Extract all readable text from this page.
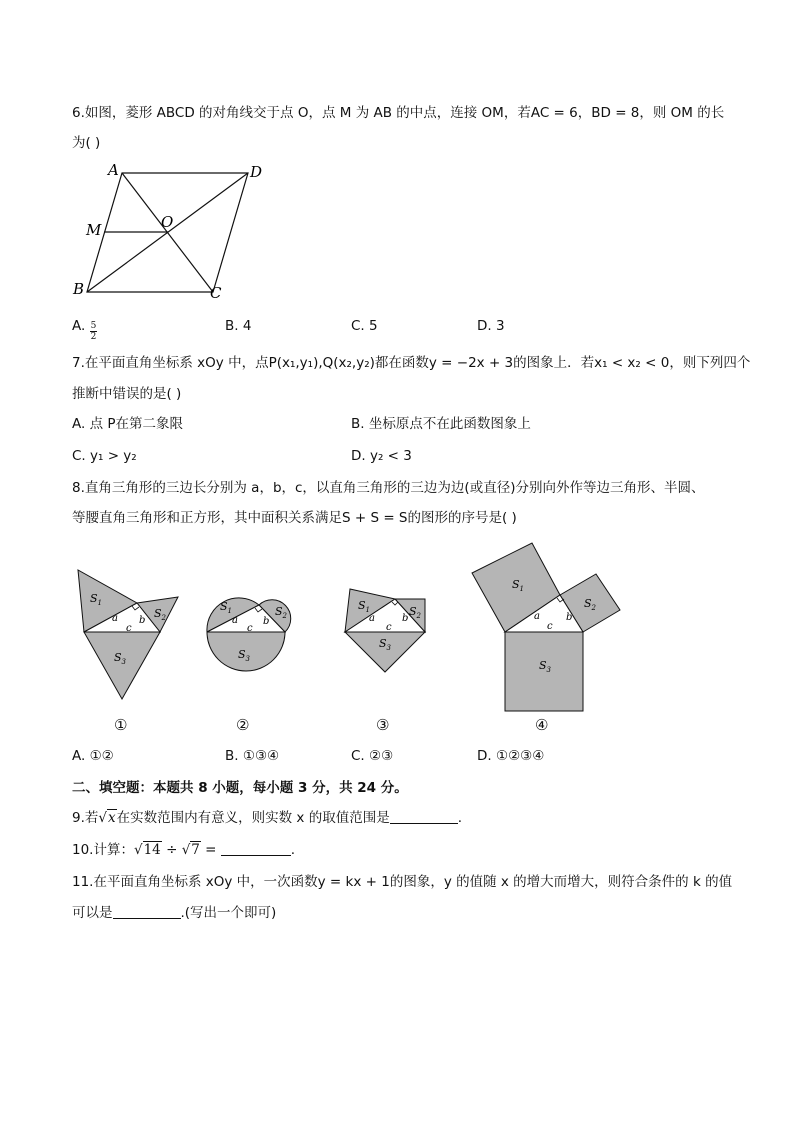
6.如图，菱形 ABCD 的对角线交于点 O，点 M 为 AB 的中点，连接 OM，若AC = 6，BD = 8，则 OM 的长
为( )
A	D
B	C
M	O
A. $\frac{5}{2}$	B. 4	C. 5	D. 3
7.在平面直角坐标系 xOy 中，点P(x₁,y₁),Q(x₂,y₂)都在函数y = −2x + 3的图象上．若x₁ < x₂ < 0，则下列四个
推断中错误的是( )
A. 点 P在第二象限	B. 坐标原点不在此函数图象上
C. y₁ > y₂	D. y₂ < 3
8.直角三角形的三边长分别为 a，b，c，以直角三角形的三边为边(或直径)分别向外作等边三角形、半圆、
等腰直角三角形和正方形，其中面积关系满足S + S = S的图形的序号是( )
$S_1$
$S_2$
$S_3$
a b
c
$S_1$	$S_2$
$S_3$
a	b
c
$S_1$	$S_2$
$S_3$
a	b
c
$S_1$
$S_2$
$S_3$
a	b
c
①	②	③	④
A. ①②	B. ①③④	C. ②③	D. ①②③④
二、填空题：本题共 8 小题，每小题 3 分，共 24 分。
9.若√x在实数范围内有意义，则实数 x 的取值范围是	.
10.计算：√14 ÷ √7 =	.
11.在平面直角坐标系 xOy 中，一次函数y = kx + 1的图象，y 的值随 x 的增大而增大，则符合条件的 k 的值
可以是	.(写出一个即可)
